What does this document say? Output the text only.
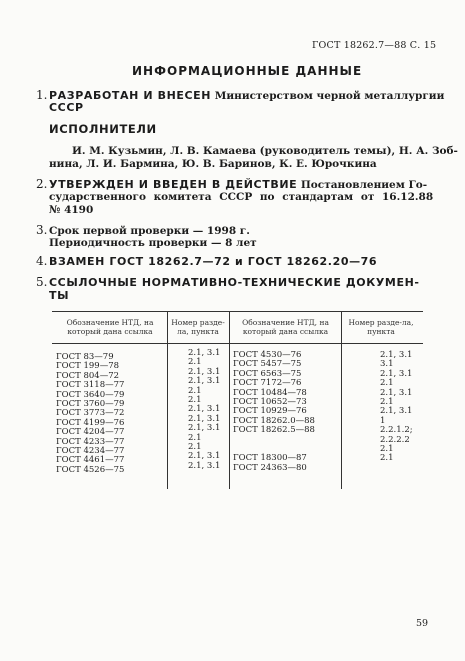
ГОСТ 18262.7—88 С. 15
ИНФОРМАЦИОННЫЕ ДАННЫЕ
1. РАЗРАБОТАН И ВНЕСЕН Министерством черной металлургии
СССР
ИСПОЛНИТЕЛИ
И. М. Кузьмин, Л. В. Камаева (руководитель темы), Н. А. Зоб-
нина, Л. И. Бармина, Ю. В. Баринов, К. Е. Юрочкина
2. УТВЕРЖДЕН И ВВЕДЕН В ДЕЙСТВИЕ Постановлением Го-
сударственного комитета СССР по стандартам от 16.12.88
№ 4190
3. Срок первой проверки — 1998 г.
Периодичность проверки — 8 лет
4. ВЗАМЕН ГОСТ 18262.7—72 и ГОСТ 18262.20—76
5. ССЫЛОЧНЫЕ НОРМАТИВНО-ТЕХНИЧЕСКИЕ ДОКУМЕН-
ТЫ
Обозначение НТД, на который дана ссылка
Номер разде-ла, пункта
Обозначение НТД, на который дана ссылка
Номер разде-ла, пункта
ГОСТ 83—79
ГОСТ 199—78
ГОСТ 804—72
ГОСТ 3118—77
ГОСТ 3640—79
ГОСТ 3760—79
ГОСТ 3773—72
ГОСТ 4199—76
ГОСТ 4204—77
ГОСТ 4233—77
ГОСТ 4234—77
ГОСТ 4461—77
ГОСТ 4526—75
2.1, 3.1
2.1
2.1, 3.1
2.1, 3.1
2.1
2.1
2.1, 3.1
2.1, 3.1
2.1, 3.1
2.1
2.1
2.1, 3.1
2.1, 3.1
ГОСТ 4530—76
ГОСТ 5457—75
ГОСТ 6563—75
ГОСТ 7172—76
ГОСТ 10484—78
ГОСТ 10652—73
ГОСТ 10929—76
ГОСТ 18262.0—88
ГОСТ 18262.5—88
ГОСТ 18300—87
ГОСТ 24363—80
2.1, 3.1
3.1
2.1, 3.1
2.1
2.1, 3.1
2.1
2.1, 3.1
1
2.2.1.2;
2.2.2.2
2.1
2.1
59
